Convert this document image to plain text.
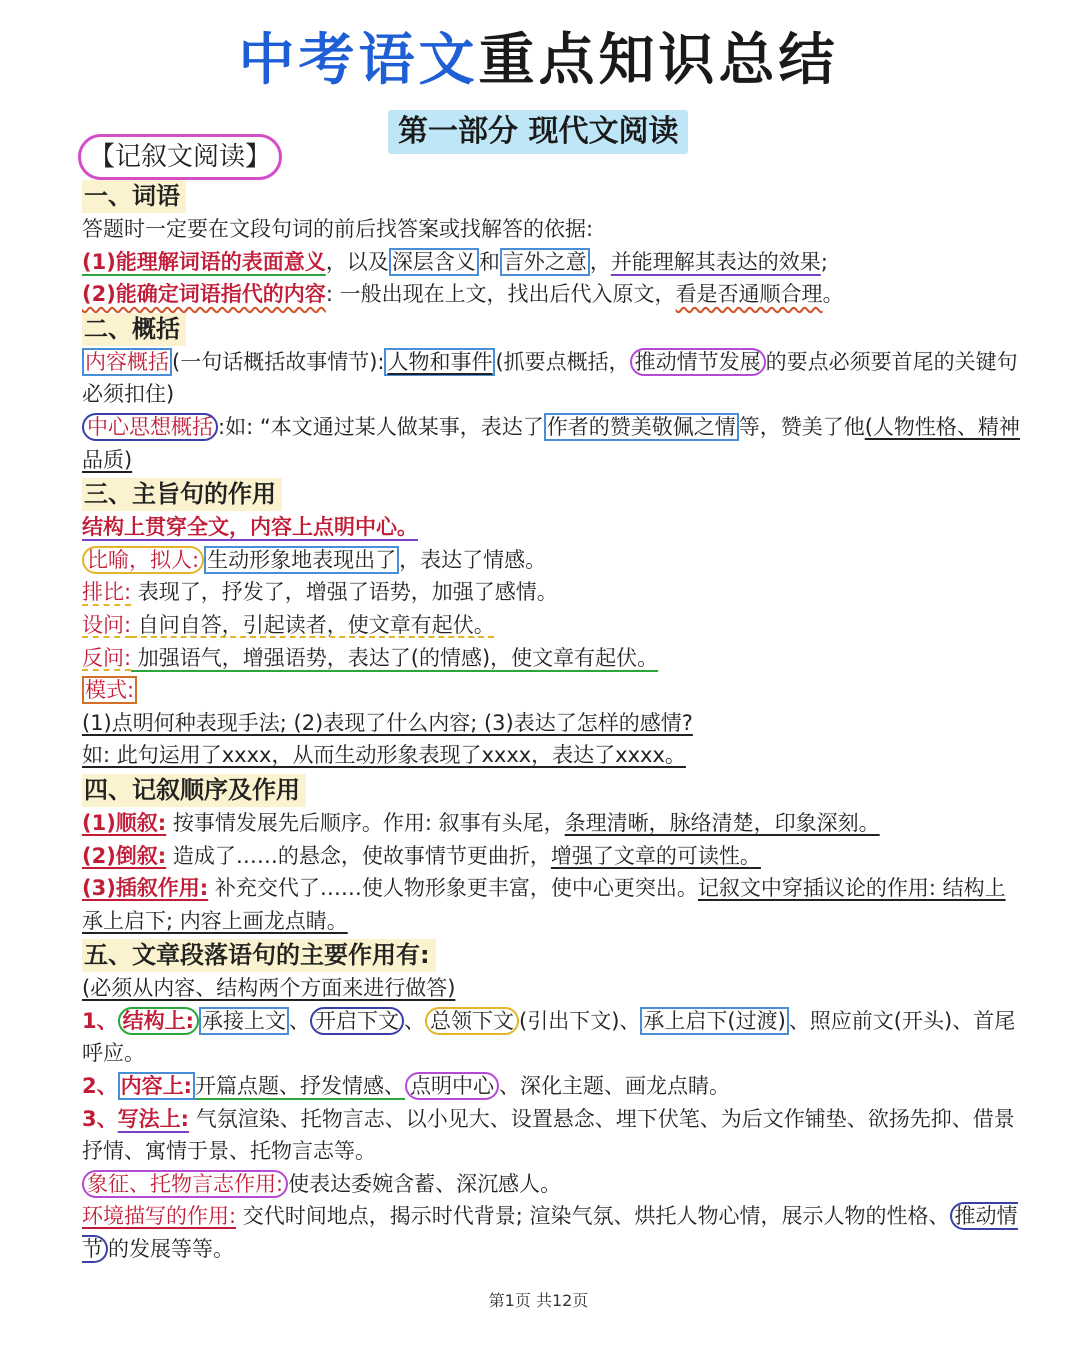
中考语文重点知识总结
第一部分 现代文阅读
【记叙文阅读】
一、词语
答题时一定要在文段句词的前后找答案或找解答的依据:
(1)能理解词语的表面意义，以及 深层含义 和 言外之意 ，并能理解其表达的效果;
(2)能确定词语指代的内容: 一般出现在上文，找出后代入原文，看是否通顺合理。
二、概括
内容概括 (一句话概括故事情节): 人物和事件 (抓要点概括， 推动情节发展 的要点必须要首尾的关键句必须扣住)
中心思想概括 :如: “本文通过某人做某事，表达了 作者的赞美敬佩之情 等，赞美了他(人物性格、精神品质)
三、主旨句的作用
结构上贯穿全文，内容上点明中心。
比喻，拟人: 生动形象地表现出了 ，表达了情感。
排比: 表现了，抒发了，增强了语势，加强了感情。
设问: 自问自答，引起读者，使文章有起伏。
反问: 加强语气，增强语势，表达了(的情感)，使文章有起伏。
模式:
(1)点明何种表现手法; (2)表现了什么内容; (3)表达了怎样的感情?
如: 此句运用了xxxx，从而生动形象表现了xxxx，表达了xxxx。
四、记叙顺序及作用
(1)顺叙: 按事情发展先后顺序。作用: 叙事有头尾，条理清晰，脉络清楚，印象深刻。
(2)倒叙: 造成了……的悬念，使故事情节更曲折，增强了文章的可读性。
(3)插叙作用: 补充交代了……使人物形象更丰富，使中心更突出。记叙文中穿插议论的作用: 结构上承上启下; 内容上画龙点睛。
五、文章段落语句的主要作用有:
(必须从内容、结构两个方面来进行做答)
1、 结构上: 承接上文 、 开启下文 、 总领下文 (引出下文)、 承上启下(过渡) 、照应前文(开头)、首尾呼应。
2、 内容上: 开篇点题、抒发情感、 点明中心 、深化主题、画龙点睛。
3、写法上: 气氛渲染、托物言志、以小见大、设置悬念、埋下伏笔、为后文作铺垫、欲扬先抑、借景抒情、寓情于景、托物言志等。
象征、托物言志作用: 使表达委婉含蓄、深沉感人。
环境描写的作用: 交代时间地点，揭示时代背景; 渲染气氛、烘托人物心情，展示人物的性格、 推动情节 的发展等等。
第1页 共12页
